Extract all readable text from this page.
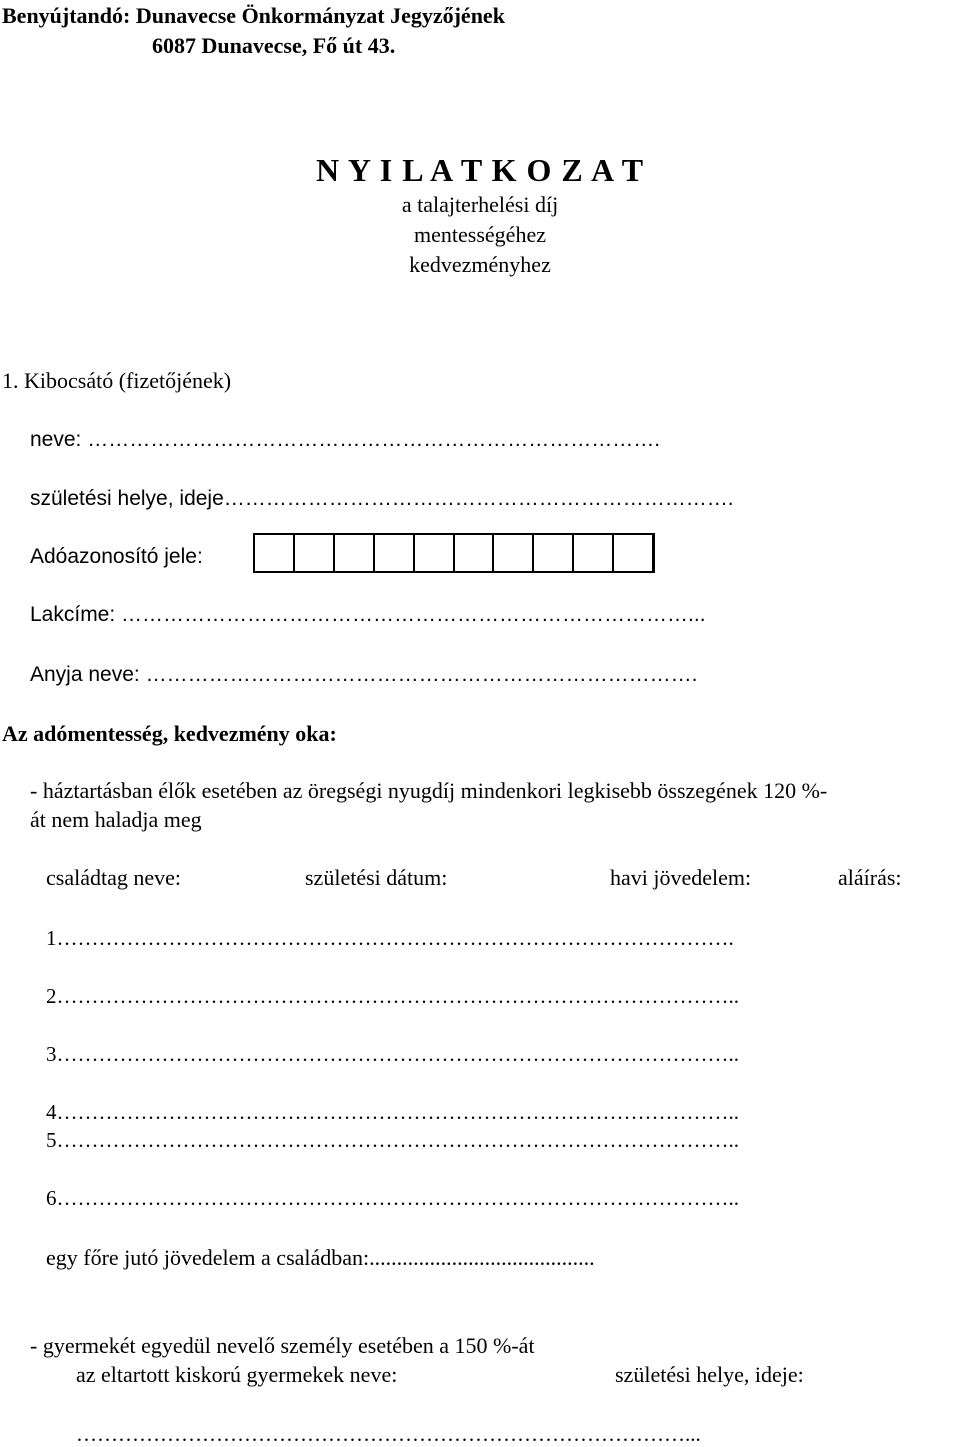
Benyújtandó: Dunavecse Önkormányzat Jegyzőjének
6087 Dunavecse, Fő út 43.
N Y I L A T K O Z A T
a talajterhelési díj
mentességéhez
kedvezményhez
1. Kibocsátó (fizetőjének)
neve: ……………………………………………………………………….
születési helye, ideje……………………………………………………………….
Adóazonosító jele:
Lakcíme: ………………………………………………………………………...
Anyja neve: …………………………………………………………………….
Az adómentesség, kedvezmény oka:
- háztartásban élők esetében az öregségi nyugdíj mindenkori legkisebb összegének 120 %-
át nem haladja meg
családtag neve:	születési dátum:	havi jövedelem:	aláírás:
1…………………………………………………………………………………….
2……………………………………………………………………………………..
3……………………………………………………………………………………..
4……………………………………………………………………………………..
5……………………………………………………………………………………..
6……………………………………………………………………………………..
egy főre jutó jövedelem a családban:.........................................
- gyermekét egyedül nevelő személy esetében a 150 %-át
az eltartott kiskorú gyermekek neve:	születési helye, ideje:
……………………………………………………………………………...
